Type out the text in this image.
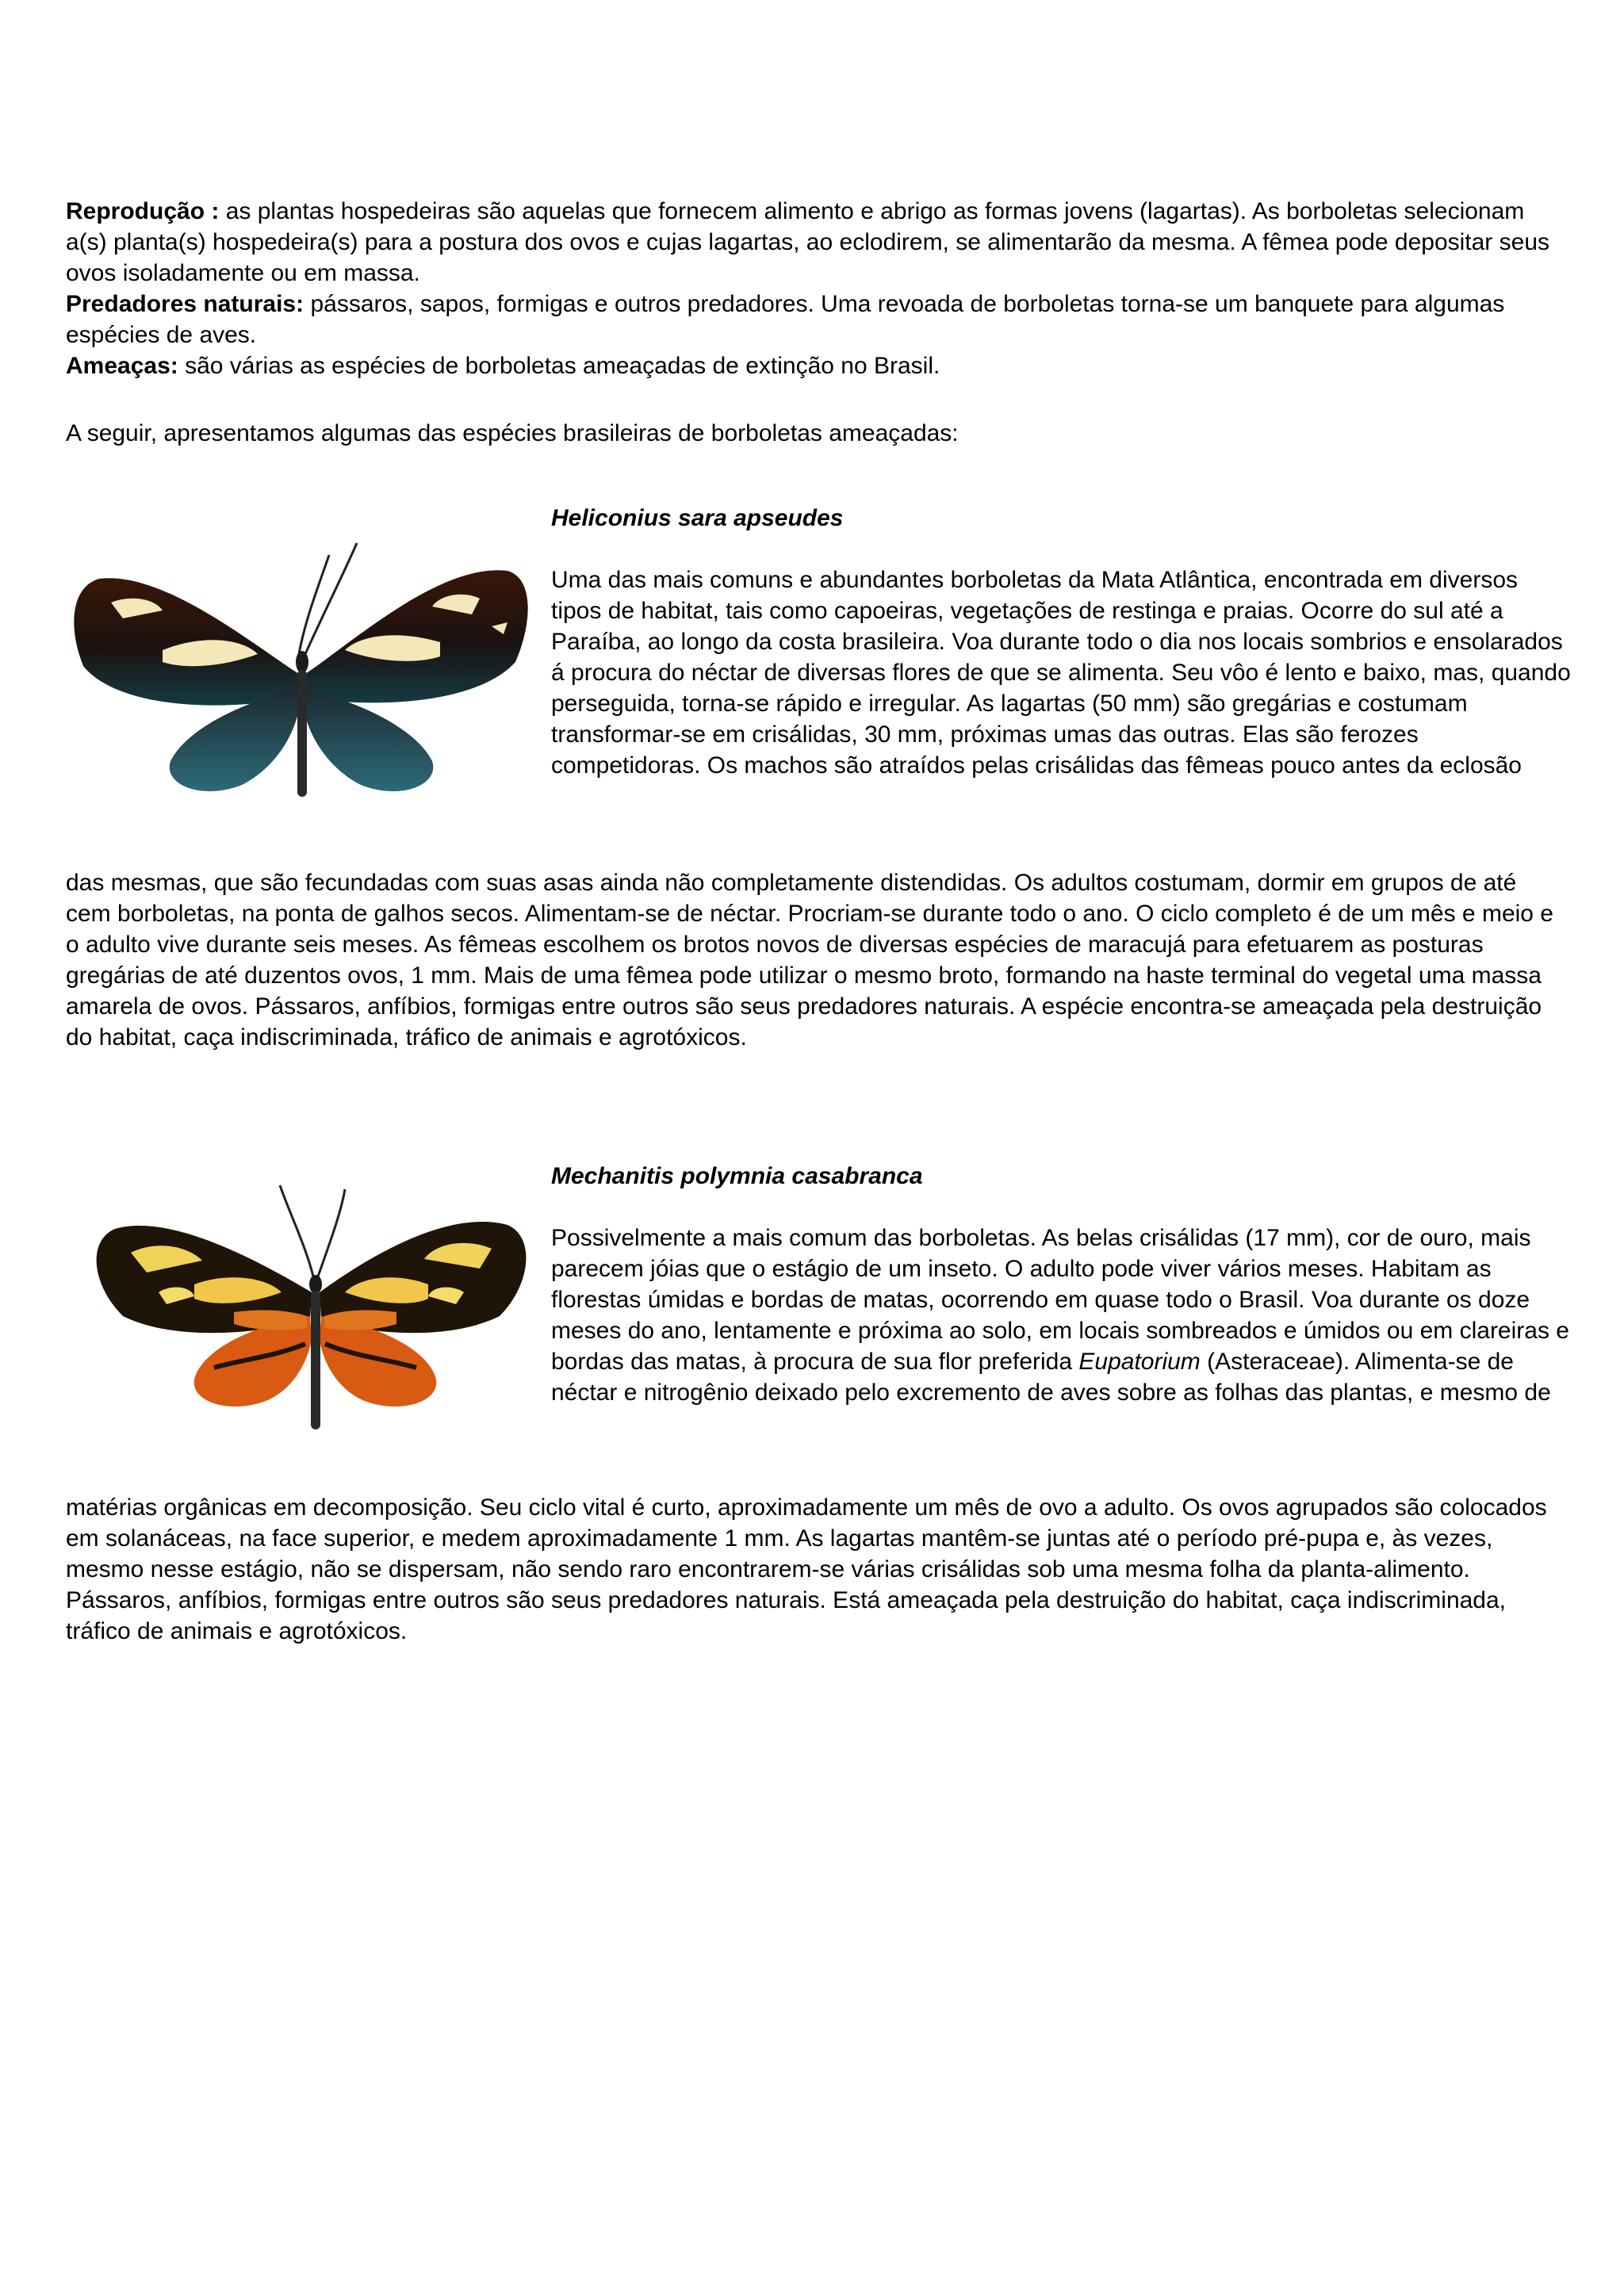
Reprodução : as plantas hospedeiras são aquelas que fornecem alimento e abrigo as formas jovens (lagartas). As borboletas selecionam a(s) planta(s) hospedeira(s) para a postura dos ovos e cujas lagartas, ao eclodirem, se alimentarão da mesma. A fêmea pode depositar seus ovos isoladamente ou em massa.

Predadores naturais: pássaros, sapos, formigas e outros predadores. Uma revoada de borboletas torna-se um banquete para algumas espécies de aves.

Ameaças: são várias as espécies de borboletas ameaçadas de extinção no Brasil.

A seguir, apresentamos algumas das espécies brasileiras de borboletas ameaçadas:

Heliconius sara apseudes

Uma das mais comuns e abundantes borboletas da Mata Atlântica, encontrada em diversos tipos de habitat, tais como capoeiras, vegetações de restinga e praias. Ocorre do sul até a Paraíba, ao longo da costa brasileira. Voa durante todo o dia nos locais sombrios e ensolarados á procura do néctar de diversas flores de que se alimenta. Seu vôo é lento e baixo, mas, quando perseguida, torna-se rápido e irregular. As lagartas (50 mm) são gregárias e costumam transformar-se em crisálidas, 30 mm, próximas umas das outras. Elas são ferozes competidoras. Os machos são atraídos pelas crisálidas das fêmeas pouco antes da eclosão

das mesmas, que são fecundadas com suas asas ainda não completamente distendidas. Os adultos costumam, dormir em grupos de até cem borboletas, na ponta de galhos secos. Alimentam-se de néctar. Procriam-se durante todo o ano. O ciclo completo é de um mês e meio e o adulto vive durante seis meses. As fêmeas escolhem os brotos novos de diversas espécies de maracujá para efetuarem as posturas gregárias de até duzentos ovos, 1 mm. Mais de uma fêmea pode utilizar o mesmo broto, formando na haste terminal do vegetal uma massa amarela de ovos. Pássaros, anfíbios, formigas entre outros são seus predadores naturais. A espécie encontra-se ameaçada pela destruição do habitat, caça indiscriminada, tráfico de animais e agrotóxicos.

Mechanitis polymnia casabranca

Possivelmente a mais comum das borboletas. As belas crisálidas (17 mm), cor de ouro, mais parecem jóias que o estágio de um inseto. O adulto pode viver vários meses. Habitam as florestas úmidas e bordas de matas, ocorrendo em quase todo o Brasil. Voa durante os doze meses do ano, lentamente e próxima ao solo, em locais sombreados e úmidos ou em clareiras e bordas das matas, à procura de sua flor preferida Eupatorium (Asteraceae). Alimenta-se de néctar e nitrogênio deixado pelo excremento de aves sobre as folhas das plantas, e mesmo de

matérias orgânicas em decomposição. Seu ciclo vital é curto, aproximadamente um mês de ovo a adulto. Os ovos agrupados são colocados em solanáceas, na face superior, e medem aproximadamente 1 mm. As lagartas mantêm-se juntas até o período pré-pupa e, às vezes, mesmo nesse estágio, não se dispersam, não sendo raro encontrarem-se várias crisálidas sob uma mesma folha da planta-alimento. Pássaros, anfíbios, formigas entre outros são seus predadores naturais. Está ameaçada pela destruição do habitat, caça indiscriminada, tráfico de animais e agrotóxicos.
